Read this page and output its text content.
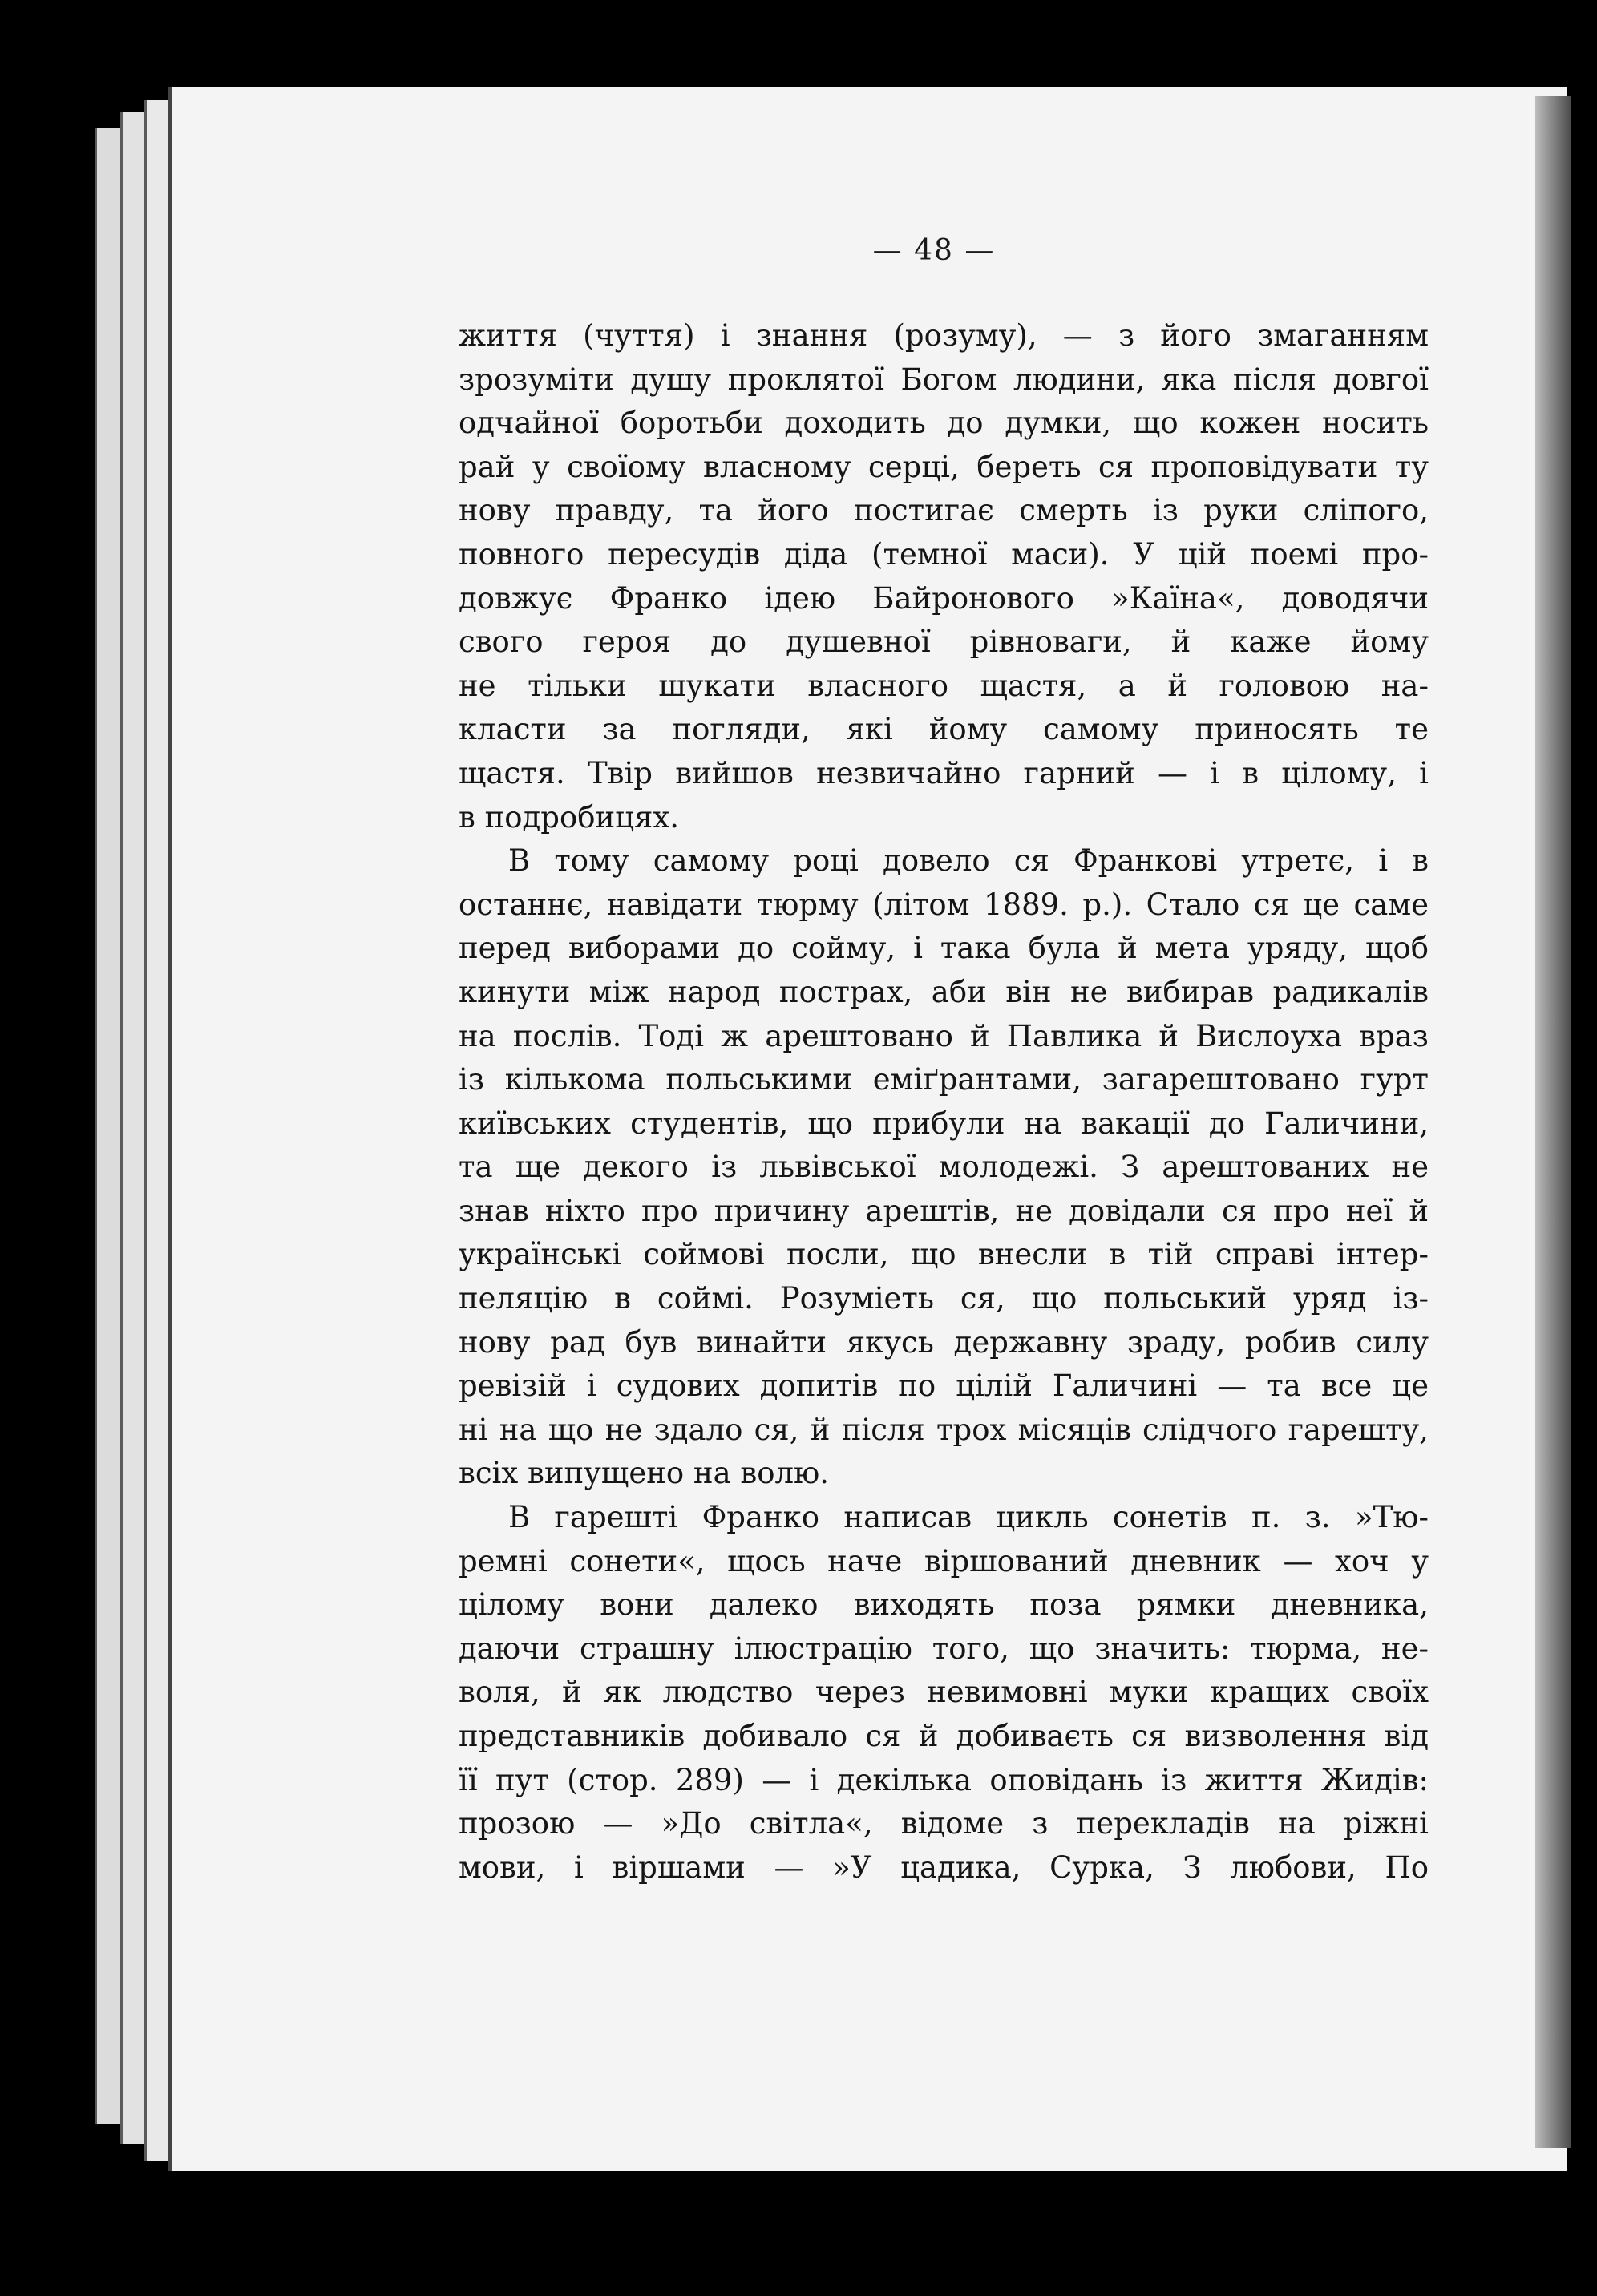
— 48 —
життя (чуття) і знання (розуму), — з його змаганням
зрозуміти душу проклятої Богом людини, яка після довгої
одчайної боротьби доходить до думки, що кожен носить
рай у своїому власному серці, береть ся проповідувати ту
нову правду, та його постигає смерть із руки сліпого,
повного пересудів діда (темної маси). У цій поемі про-
довжує Франко ідею Байронового »Каїна«, доводячи
свого героя до душевної рівноваги, й каже йому
не тільки шукати власного щастя, а й головою на-
класти за погляди, які йому самому приносять те
щастя. Твір вийшов незвичайно гарний — і в цілому, і
в подробицях.
В тому самому році довело ся Франкові утретє, і в
останнє, навідати тюрму (літом 1889. р.). Стало ся це саме
перед виборами до сойму, і така була й мета уряду, щоб
кинути між народ пострах, аби він не вибирав радикалів
на послів. Тоді ж арештовано й Павлика й Вислоуха враз
із кількома польськими еміґрантами, загарештовано гурт
київських студентів, що прибули на вакації до Галичини,
та ще декого із львівської молодежі. З арештованих не
знав ніхто про причину арештів, не довідали ся про неї й
українські соймові посли, що внесли в тій справі інтер-
пеляцію в соймі. Розуміеть ся, що польський уряд із-
нову рад був винайти якусь державну зраду, робив силу
ревізій і судових допитів по цілій Галичині — та все це
ні на що не здало ся, й після трох місяців слідчого гарешту,
всіх випущено на волю.
В гарешті Франко написав цикль сонетів п. з. »Тю-
ремні сонети«, щось наче віршований дневник — хоч у
цілому вони далеко виходять поза рямки дневника,
даючи страшну ілюстрацію того, що значить: тюрма, не-
воля, й як людство через невимовні муки кращих своїх
представників добивало ся й добиваєть ся визволення від
її пут (стор. 289) — і декілька оповідань із життя Жидів:
прозою — »До світла«, відоме з перекладів на ріжні
мови, і віршами — »У цадика, Сурка, З любови, По
